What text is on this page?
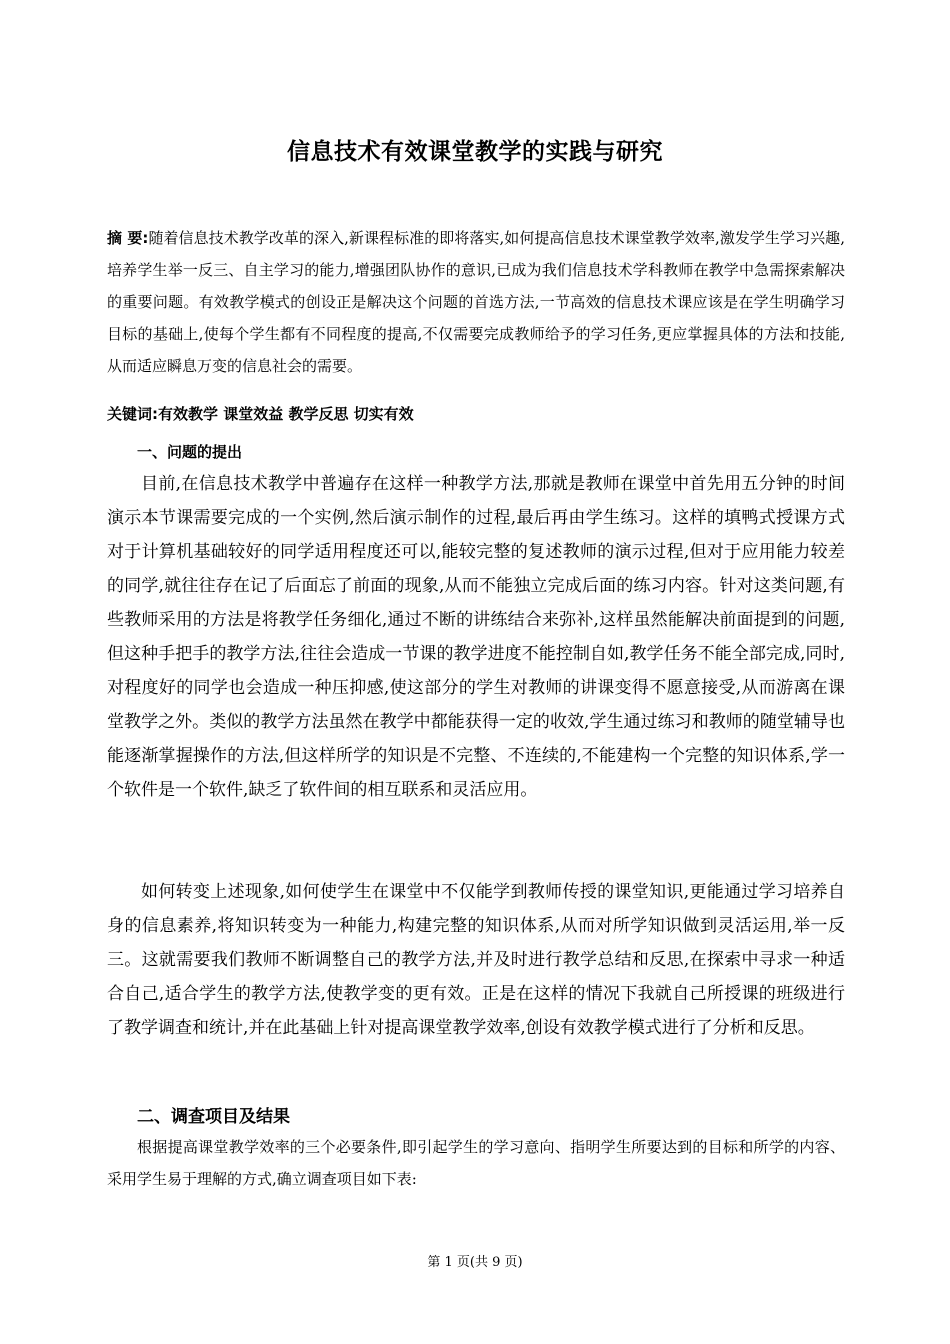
信息技术有效课堂教学的实践与研究
摘 要:随着信息技术教学改革的深入,新课程标准的即将落实,如何提高信息技术课堂教学效率,激发学生学习兴趣,培养学生举一反三、自主学习的能力,增强团队协作的意识,已成为我们信息技术学科教师在教学中急需探索解决的重要问题。有效教学模式的创设正是解决这个问题的首选方法,一节高效的信息技术课应该是在学生明确学习目标的基础上,使每个学生都有不同程度的提高,不仅需要完成教师给予的学习任务,更应掌握具体的方法和技能,从而适应瞬息万变的信息社会的需要。
关键词:有效教学 课堂效益 教学反思 切实有效
一、问题的提出
目前,在信息技术教学中普遍存在这样一种教学方法,那就是教师在课堂中首先用五分钟的时间演示本节课需要完成的一个实例,然后演示制作的过程,最后再由学生练习。这样的填鸭式授课方式对于计算机基础较好的同学适用程度还可以,能较完整的复述教师的演示过程,但对于应用能力较差的同学,就往往存在记了后面忘了前面的现象,从而不能独立完成后面的练习内容。针对这类问题,有些教师采用的方法是将教学任务细化,通过不断的讲练结合来弥补,这样虽然能解决前面提到的问题,但这种手把手的教学方法,往往会造成一节课的教学进度不能控制自如,教学任务不能全部完成,同时,对程度好的同学也会造成一种压抑感,使这部分的学生对教师的讲课变得不愿意接受,从而游离在课堂教学之外。类似的教学方法虽然在教学中都能获得一定的收效,学生通过练习和教师的随堂辅导也能逐渐掌握操作的方法,但这样所学的知识是不完整、不连续的,不能建构一个完整的知识体系,学一个软件是一个软件,缺乏了软件间的相互联系和灵活应用。
如何转变上述现象,如何使学生在课堂中不仅能学到教师传授的课堂知识,更能通过学习培养自身的信息素养,将知识转变为一种能力,构建完整的知识体系,从而对所学知识做到灵活运用,举一反三。这就需要我们教师不断调整自己的教学方法,并及时进行教学总结和反思,在探索中寻求一种适合自己,适合学生的教学方法,使教学变的更有效。正是在这样的情况下我就自己所授课的班级进行了教学调查和统计,并在此基础上针对提高课堂教学效率,创设有效教学模式进行了分析和反思。
二、调查项目及结果
根据提高课堂教学效率的三个必要条件,即引起学生的学习意向、指明学生所要达到的目标和所学的内容、采用学生易于理解的方式,确立调查项目如下表:
第 1 页(共 9 页)
